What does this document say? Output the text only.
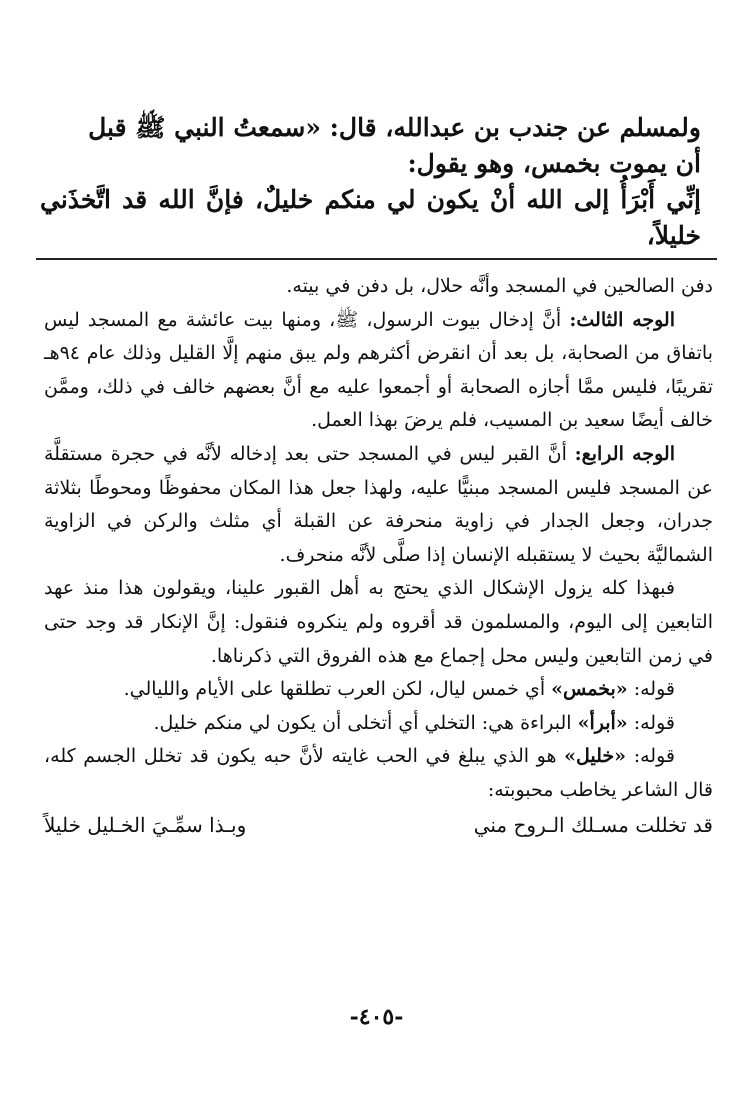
ولمسلم عن جندب بن عبدالله، قال: «سمعتُ النبي ﷺ قبل

أن يموت بخمس، وهو يقول:

إنِّي أَبْرَأُ إلى الله أنْ يكون لي منكم خليلٌ، فإنَّ الله قد اتَّخذَني خليلاً،

دفن الصالحين في المسجد وأنَّه حلال، بل دفن في بيته.

الوجه الثالث: أنَّ إدخال بيوت الرسول، ﷺ، ومنها بيت عائشة مع المسجد ليس باتفاق من الصحابة، بل بعد أن انقرض أكثرهم ولم يبق منهم إلَّا القليل وذلك عام ٩٤هـ تقريبًا، فليس ممَّا أجازه الصحابة أو أجمعوا عليه مع أنَّ بعضهم خالف في ذلك، وممَّن خالف أيضًا سعيد بن المسيب، فلم يرضَ بهذا العمل.

الوجه الرابع: أنَّ القبر ليس في المسجد حتى بعد إدخاله لأنَّه في حجرة مستقلَّة عن المسجد فليس المسجد مبنيًّا عليه، ولهذا جعل هذا المكان محفوظًا ومحوطًا بثلاثة جدران، وجعل الجدار في زاوية منحرفة عن القبلة أي مثلث والركن في الزاوية الشماليَّة بحيث لا يستقبله الإنسان إذا صلَّى لأنَّه منحرف.

فبهذا كله يزول الإشكال الذي يحتج به أهل القبور علينا، ويقولون هذا منذ عهد التابعين إلى اليوم، والمسلمون قد أقروه ولم ينكروه فنقول: إنَّ الإنكار قد وجد حتى في زمن التابعين وليس محل إجماع مع هذه الفروق التي ذكرناها.

قوله: «بخمس» أي خمس ليال، لكن العرب تطلقها على الأيام والليالي.

قوله: «أبرأ» البراءة هي: التخلي أي أتخلى أن يكون لي منكم خليل.

قوله: «خليل» هو الذي يبلغ في الحب غايته لأنَّ حبه يكون قد تخلل الجسم كله، قال الشاعر يخاطب محبوبته:

قد تخللت مسـلك الـروح مني
وبـذا سمِّـيَ الخـليل خليلاً
-٤٠٥-
